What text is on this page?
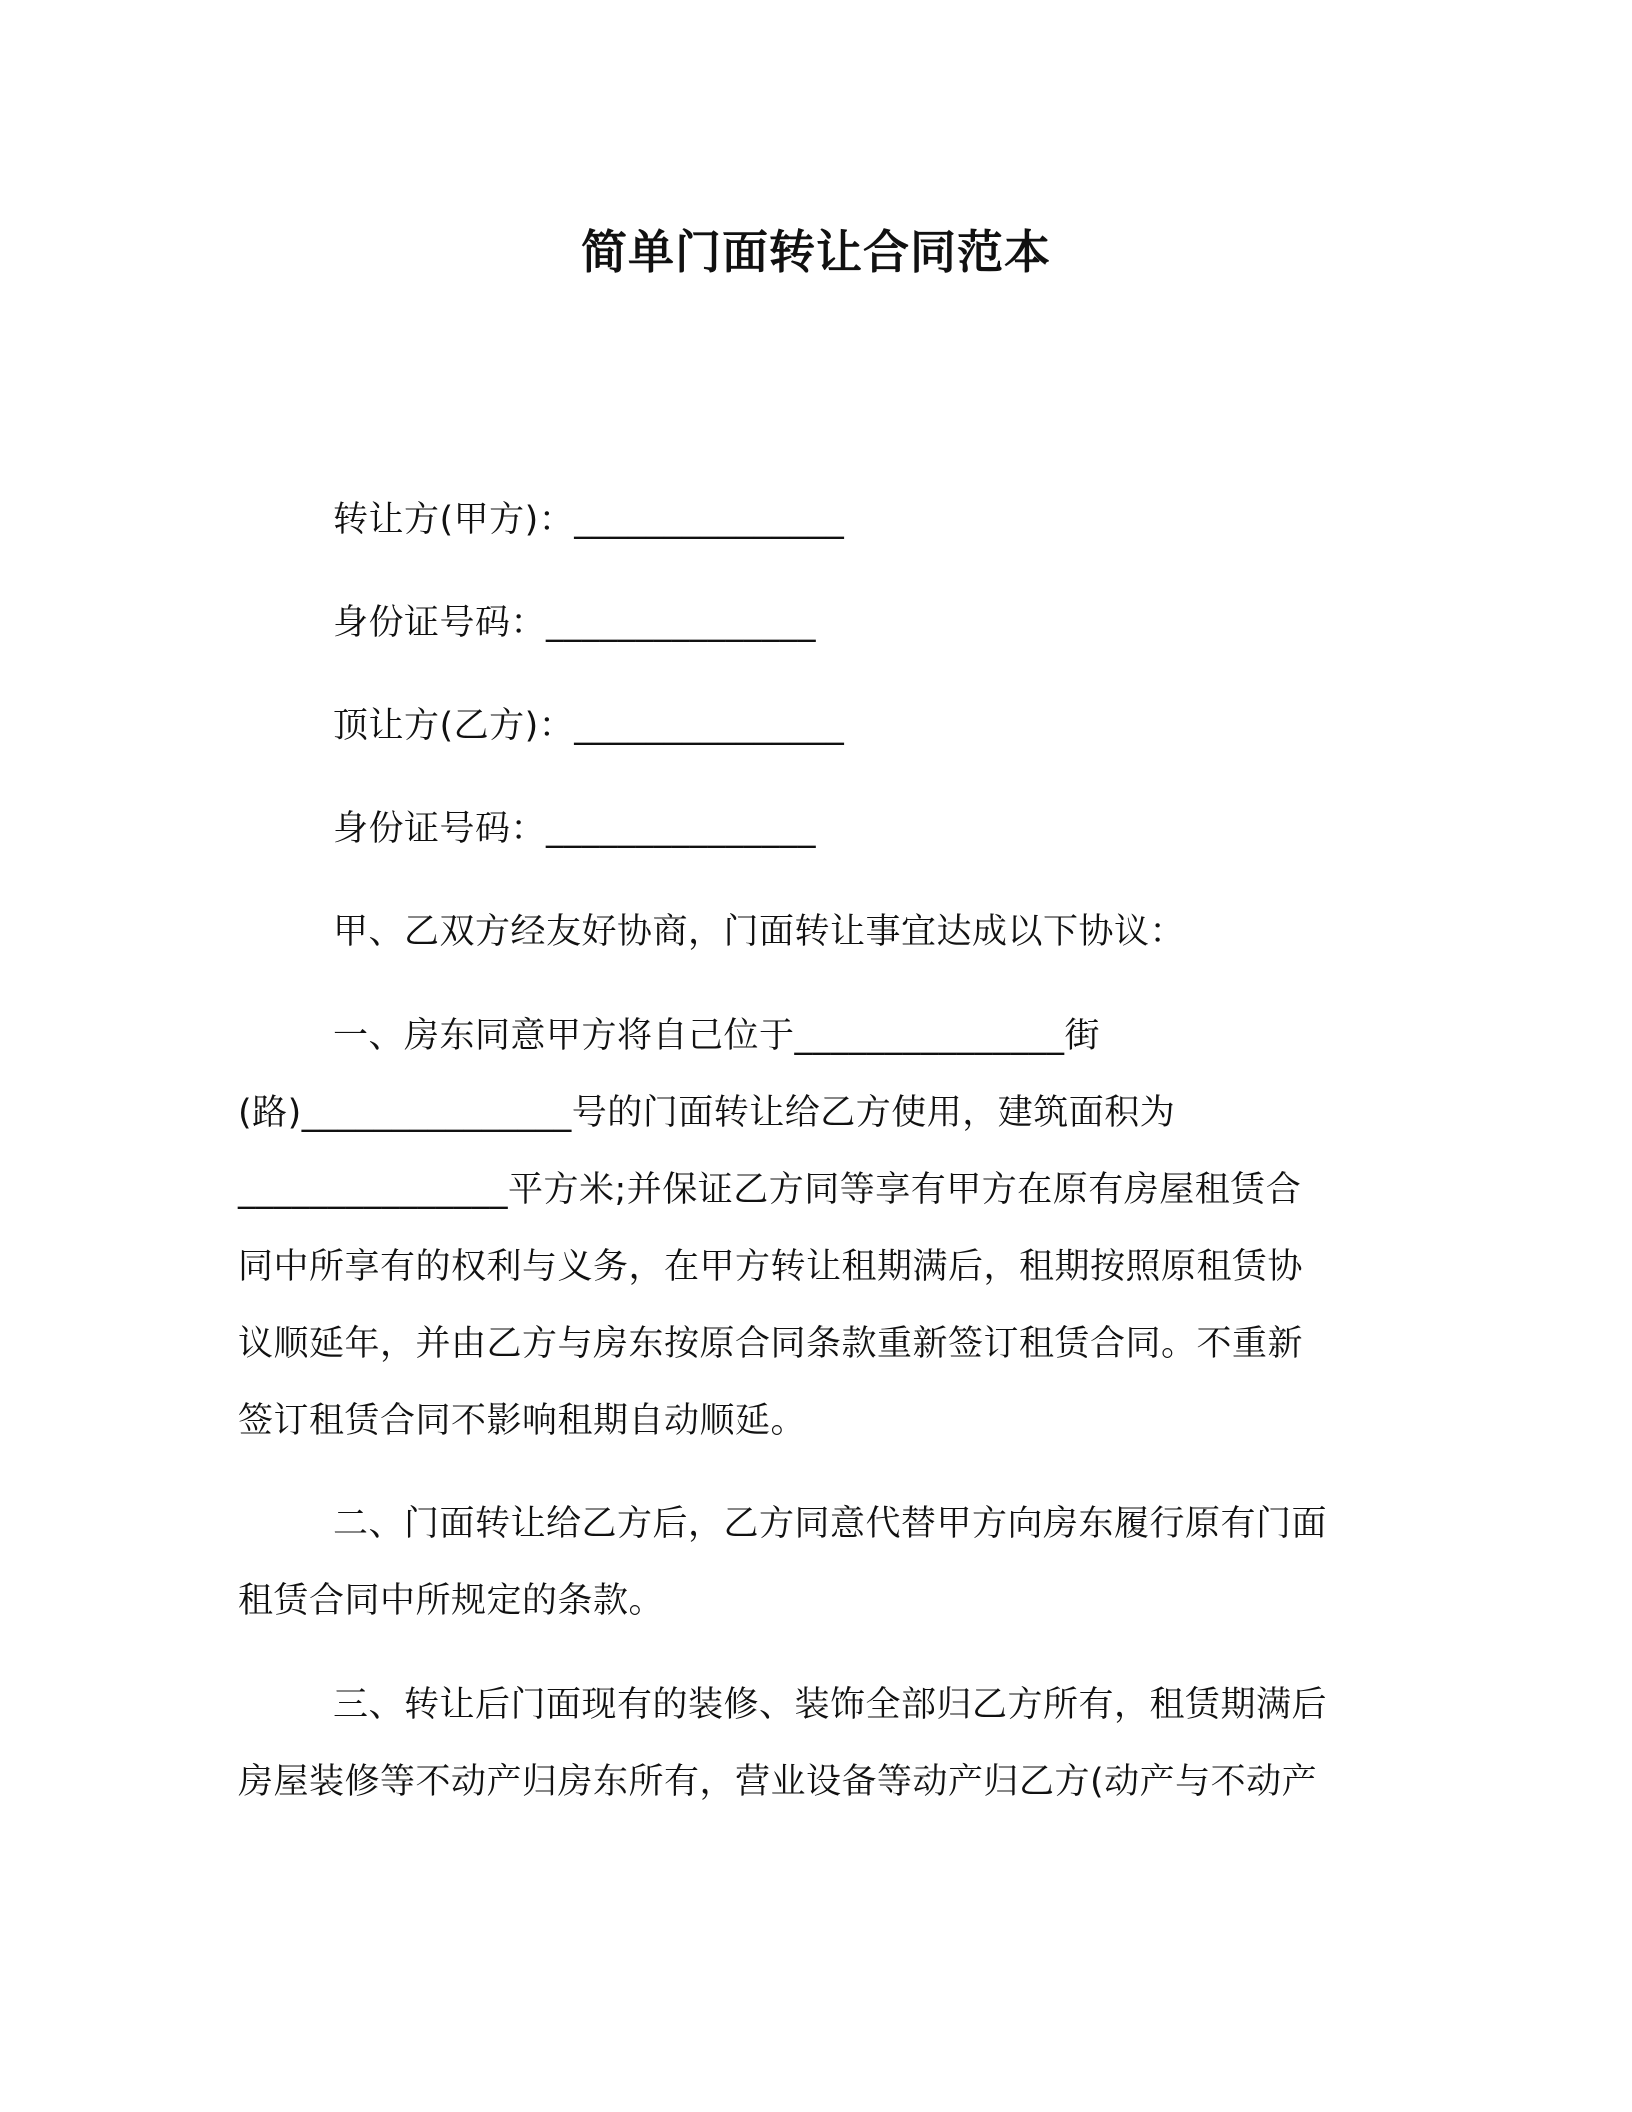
简单门面转让合同范本
转让方(甲方)：_______________
身份证号码：_______________
顶让方(乙方)：_______________
身份证号码：_______________
甲、乙双方经友好协商，门面转让事宜达成以下协议：
一、房东同意甲方将自己位于_______________街
(路)_______________号的门面转让给乙方使用，建筑面积为
_______________平方米;并保证乙方同等享有甲方在原有房屋租赁合
同中所享有的权利与义务，在甲方转让租期满后，租期按照原租赁协
议顺延年，并由乙方与房东按原合同条款重新签订租赁合同。不重新
签订租赁合同不影响租期自动顺延。
二、门面转让给乙方后，乙方同意代替甲方向房东履行原有门面
租赁合同中所规定的条款。
三、转让后门面现有的装修、装饰全部归乙方所有，租赁期满后
房屋装修等不动产归房东所有，营业设备等动产归乙方(动产与不动产
